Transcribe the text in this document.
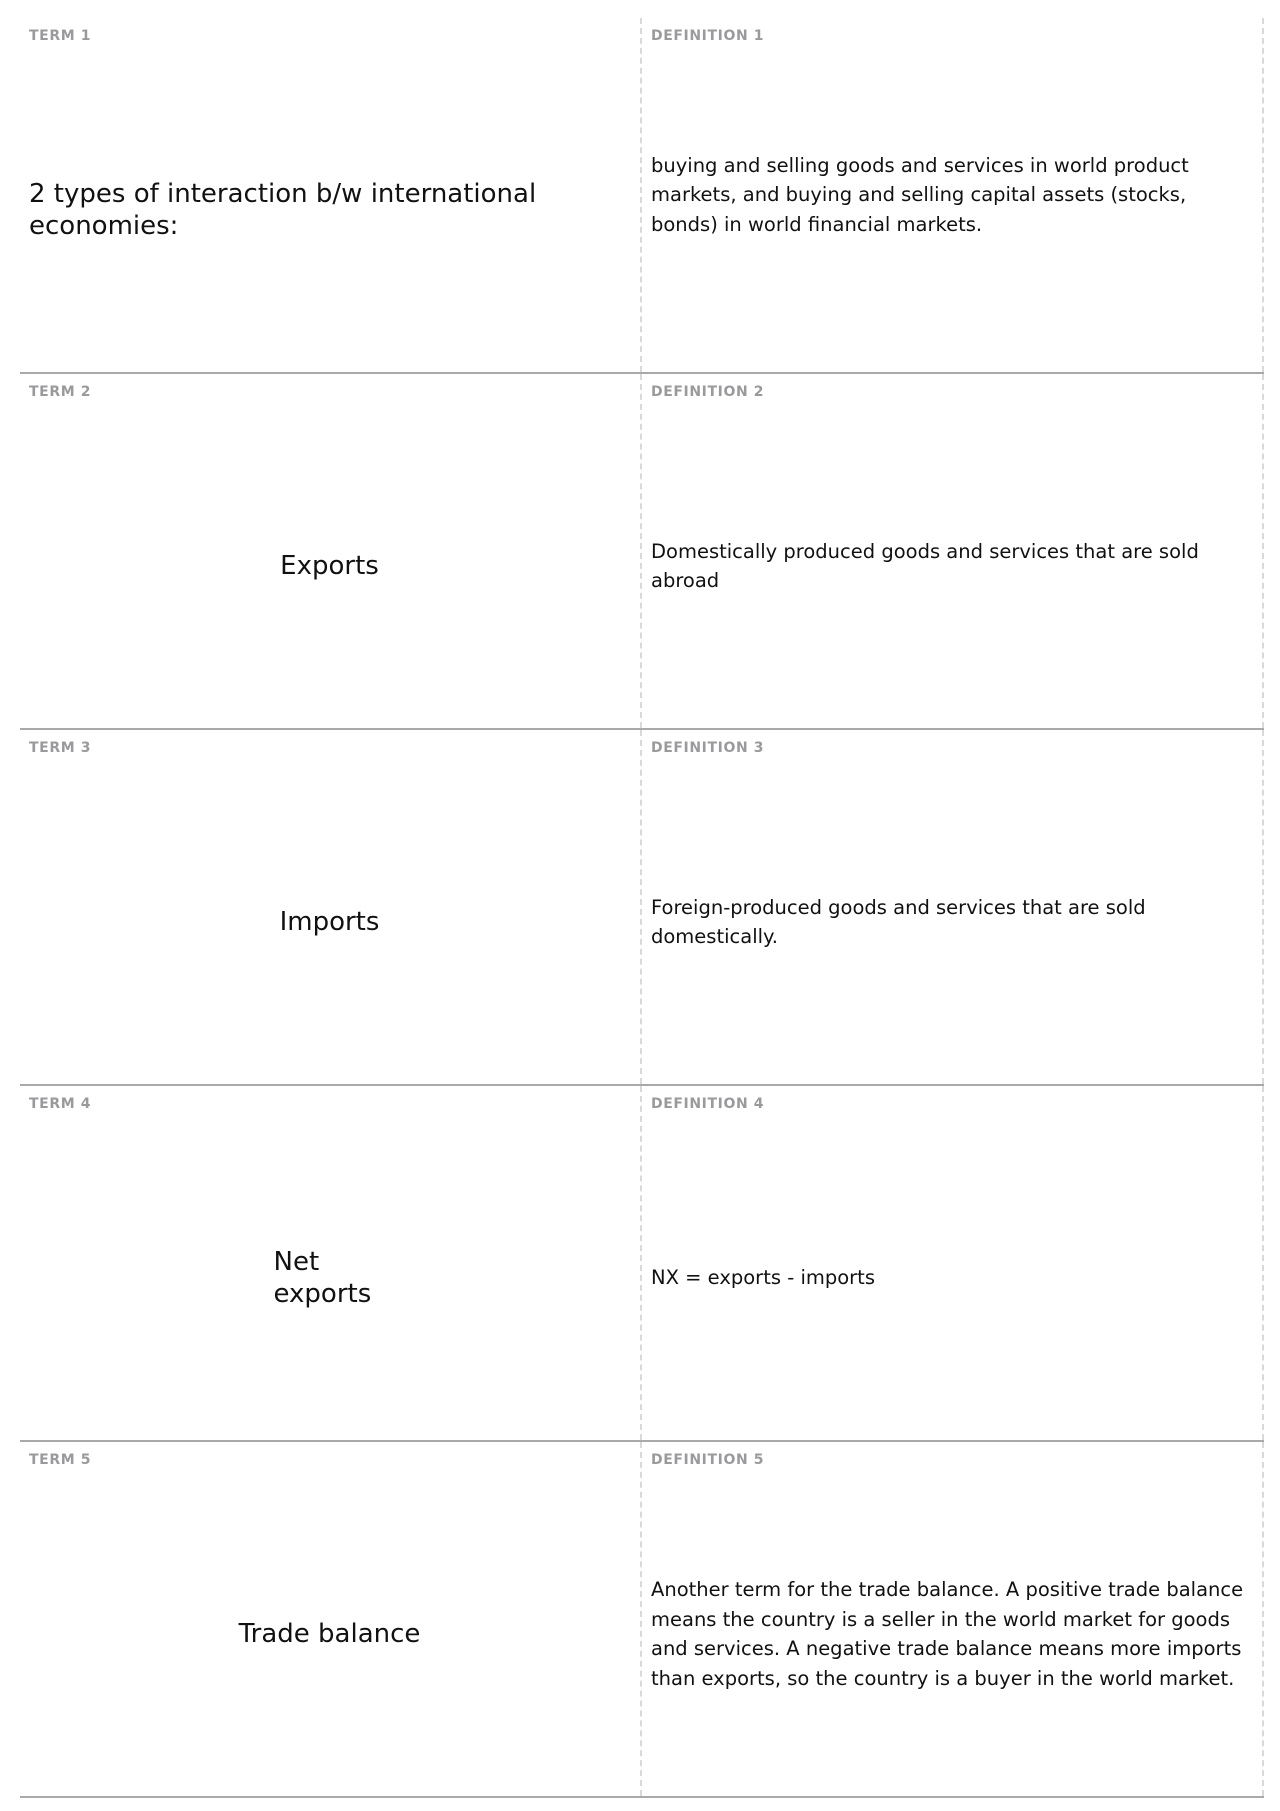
TERM 1
2 types of interaction b/w international economies:
DEFINITION 1
buying and selling goods and services in world product markets, and buying and selling capital assets (stocks, bonds) in world financial markets.
TERM 2
Exports
DEFINITION 2
Domestically produced goods and services that are sold abroad
TERM 3
Imports
DEFINITION 3
Foreign-produced goods and services that are sold domestically.
TERM 4
Net exports
DEFINITION 4
NX = exports - imports
TERM 5
Trade balance
DEFINITION 5
Another term for the trade balance. A positive trade balance means the country is a seller in the world market for goods and services. A negative trade balance means more imports than exports, so the country is a buyer in the world market.
